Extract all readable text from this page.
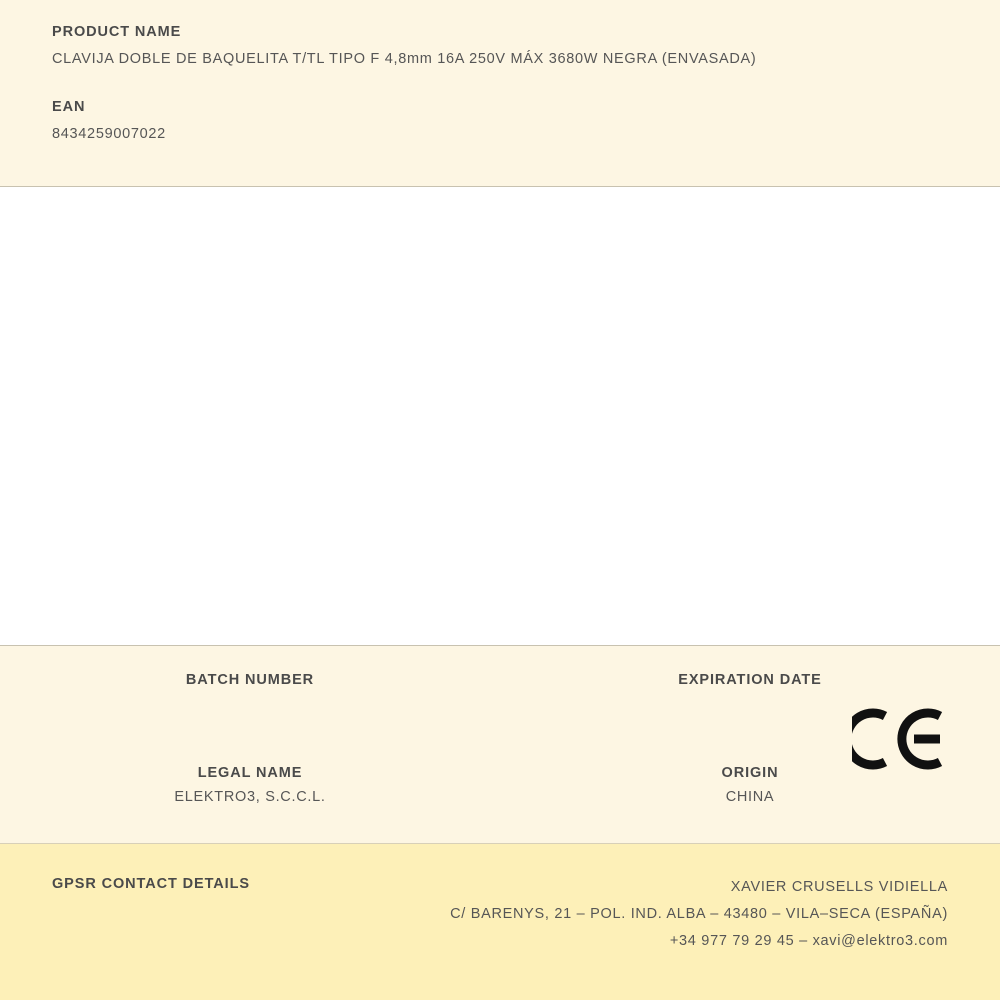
PRODUCT NAME

CLAVIJA DOBLE DE BAQUELITA T/TL TIPO F 4,8mm 16A 250V MÁX 3680W NEGRA (ENVASADA)

EAN

8434259007022

BATCH NUMBER	EXPIRATION DATE

LEGAL NAME

ELEKTRO3, S.C.C.L.

ORIGIN

CHINA

GPSR CONTACT DETAILS	XAVIER CRUSELLS VIDIELLA
C/ BARENYS, 21 – POL. IND. ALBA – 43480 – VILA–SECA (ESPAÑA)
+34 977 79 29 45 – xavi@elektro3.com
